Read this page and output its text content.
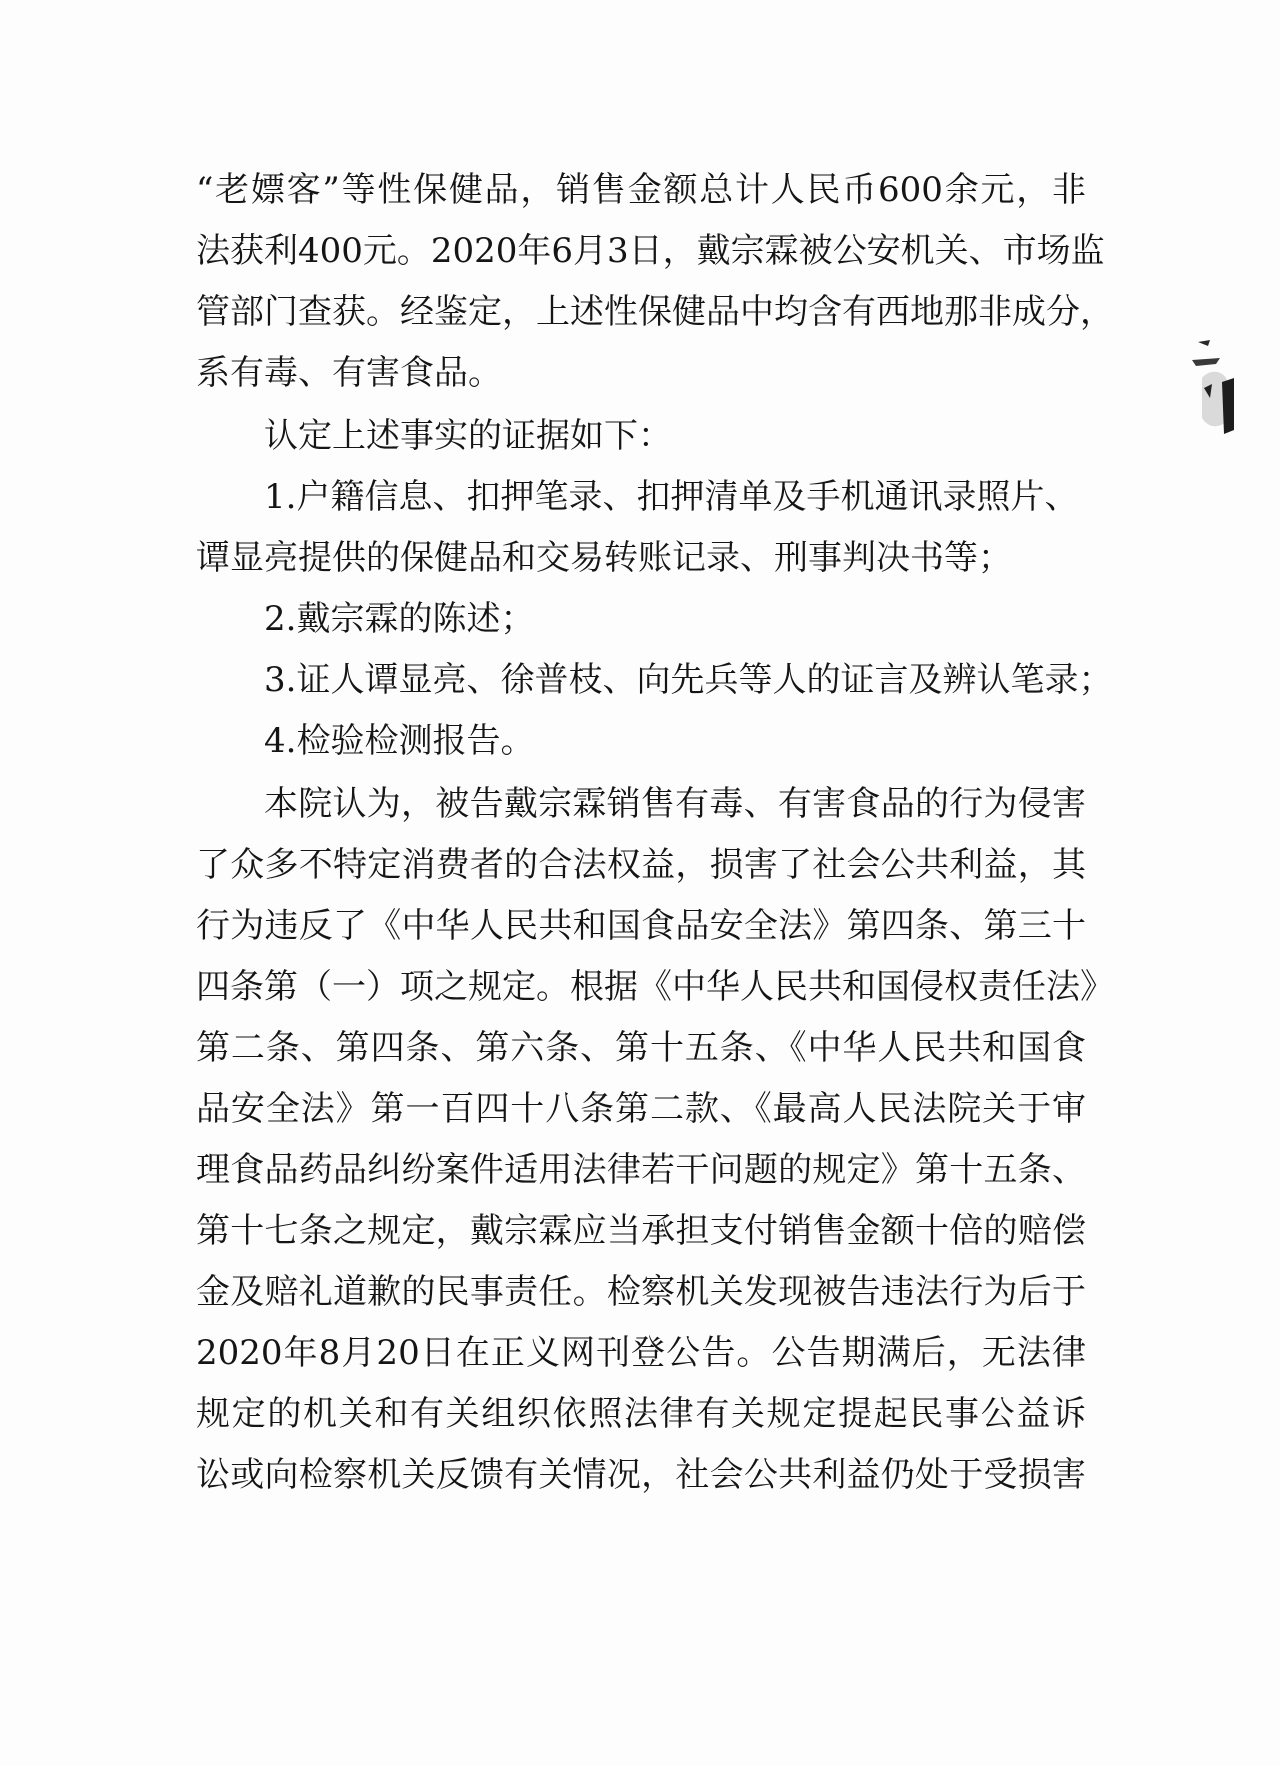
“老嫖客”等性保健品，销售金额总计人民币600余元，非
法获利400元。2020年6月3日，戴宗霖被公安机关、市场监
管部门查获。经鉴定，上述性保健品中均含有西地那非成分，
系有毒、有害食品。
认定上述事实的证据如下：
1.户籍信息、扣押笔录、扣押清单及手机通讯录照片、
谭显亮提供的保健品和交易转账记录、刑事判决书等；
2.戴宗霖的陈述；
3.证人谭显亮、徐普枝、向先兵等人的证言及辨认笔录；
4.检验检测报告。
本院认为，被告戴宗霖销售有毒、有害食品的行为侵害
了众多不特定消费者的合法权益，损害了社会公共利益，其
行为违反了《中华人民共和国食品安全法》第四条、第三十
四条第（一）项之规定。根据《中华人民共和国侵权责任法》
第二条、第四条、第六条、第十五条、《中华人民共和国食
品安全法》第一百四十八条第二款、《最高人民法院关于审
理食品药品纠纷案件适用法律若干问题的规定》第十五条、
第十七条之规定，戴宗霖应当承担支付销售金额十倍的赔偿
金及赔礼道歉的民事责任。检察机关发现被告违法行为后于
2020年8月20日在正义网刊登公告。公告期满后，无法律
规定的机关和有关组织依照法律有关规定提起民事公益诉
讼或向检察机关反馈有关情况，社会公共利益仍处于受损害
